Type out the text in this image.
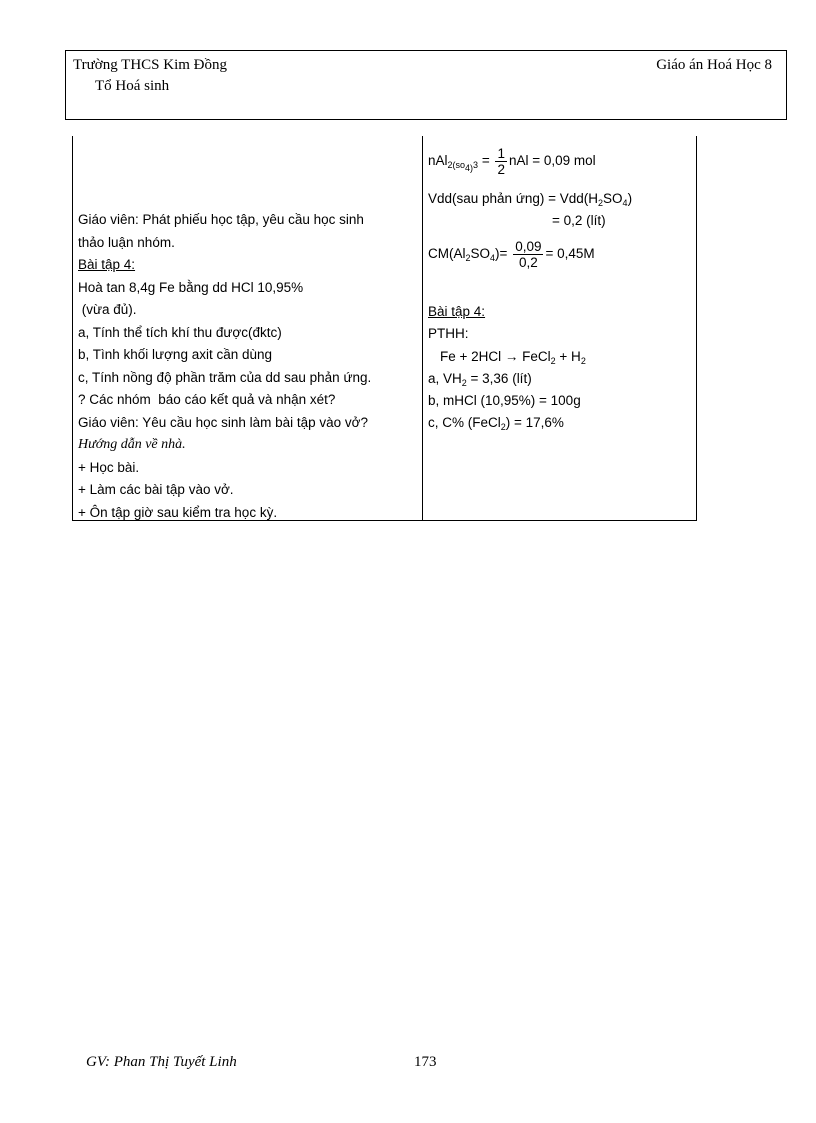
Trường THCS Kim Đồng
Tổ Hoá sinh
Giáo án Hoá Học 8
Giáo viên: Phát phiếu học tập, yêu cầu học sinh
thảo luận nhóm.
Bài tập 4:
Hoà tan 8,4g Fe bằng dd HCl 10,95%
(vừa đủ).
a, Tính thể tích khí thu được(đktc)
b, Tình khối lượng axit cần dùng
c, Tính nồng độ phần trăm của dd sau phản ứng.
? Các nhóm  báo cáo kết quả và nhận xét?
Giáo viên: Yêu cầu học sinh làm bài tập vào vở?
Hướng dẫn về nhà.
+ Học bài.
+ Làm các bài tập vào vở.
+ Ôn tập giờ sau kiểm tra học kỳ.
$nAl_{2(so_{4)}3} = \frac{1}{2}$ nAl = 0,09 mol
Vdd(sau phản ứng) = $Vdd(H_2SO_4)$
= 0,2 (lít)
$CM(Al_2SO_4)= \frac{0,09}{0,2} = 0,45M$
Bài tập 4:
PTHH:
Fe + 2HCl → FeCl$_2$ + $H_2$
a, $VH_2 = 3,36$ (lít)
b, mHCl (10,95%) = 100g
c, C% (FeCl$_2$) = 17,6%
GV: Phan Thị Tuyết Linh	173
